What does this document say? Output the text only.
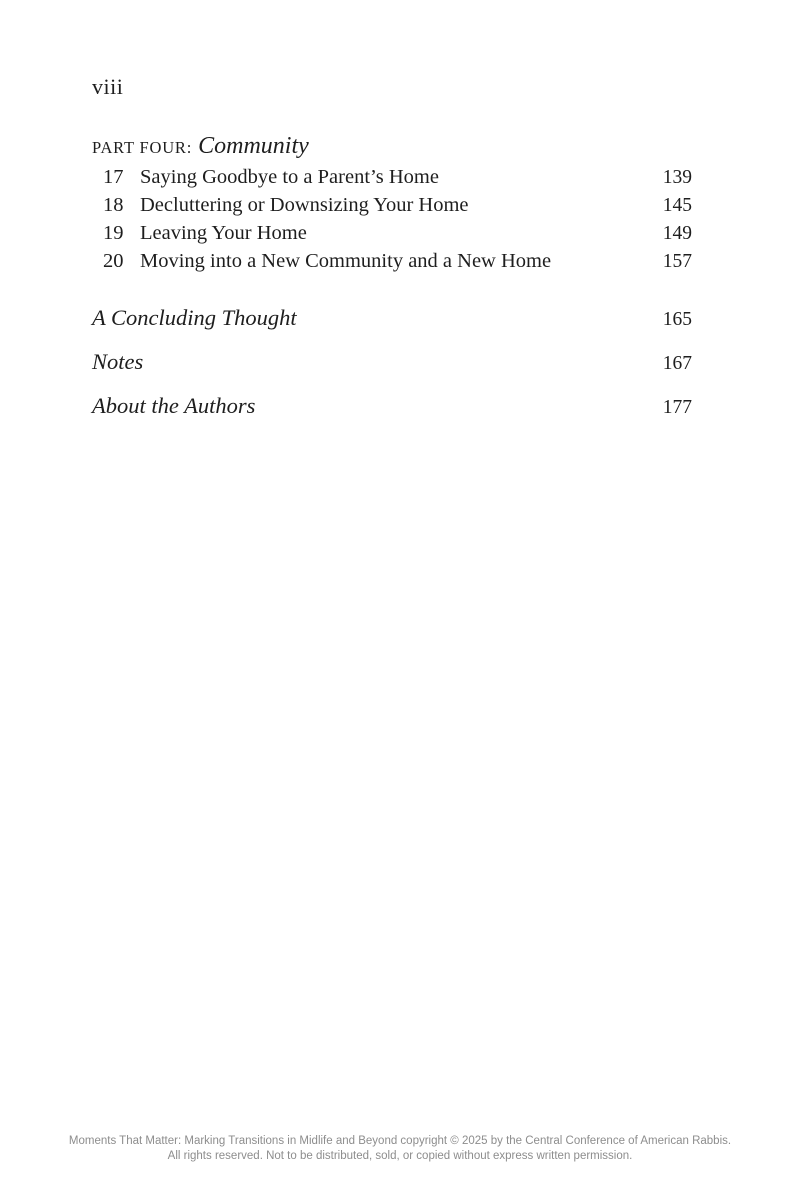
viii
PART FOUR: Community
17 Saying Goodbye to a Parent’s Home	139
18 Decluttering or Downsizing Your Home	145
19 Leaving Your Home	149
20 Moving into a New Community and a New Home	157
A Concluding Thought	165
Notes	167
About the Authors	177
Moments That Matter: Marking Transitions in Midlife and Beyond copyright © 2025 by the Central Conference of American Rabbis.
All rights reserved. Not to be distributed, sold, or copied without express written permission.
